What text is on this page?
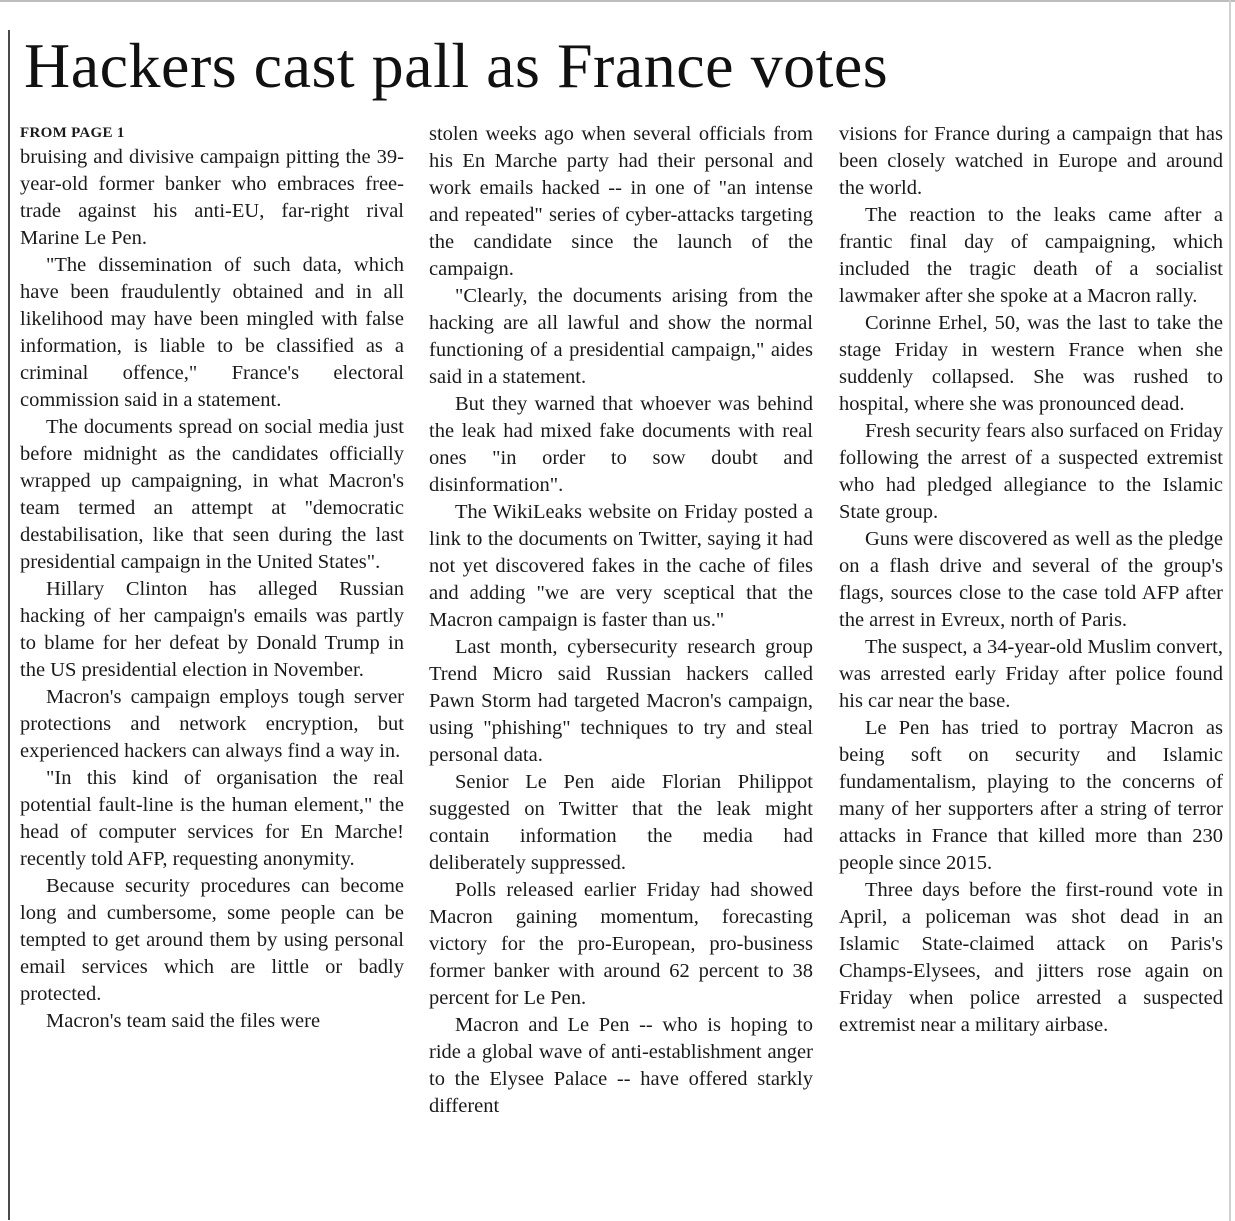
Hackers cast pall as France votes
FROM PAGE 1

bruising and divisive campaign pitting the 39-year-old former banker who embraces free-trade against his anti-EU, far-right rival Marine Le Pen.

"The dissemination of such data, which have been fraudulently obtained and in all likelihood may have been mingled with false information, is liable to be classified as a criminal offence," France's electoral commission said in a statement.

The documents spread on social media just before midnight as the candidates officially wrapped up campaigning, in what Macron's team termed an attempt at "democratic destabilisation, like that seen during the last presidential campaign in the United States".

Hillary Clinton has alleged Russian hacking of her campaign's emails was partly to blame for her defeat by Donald Trump in the US presidential election in November.

Macron's campaign employs tough server protections and network encryption, but experienced hackers can always find a way in.

"In this kind of organisation the real potential fault-line is the human element," the head of computer services for En Marche! recently told AFP, requesting anonymity.

Because security procedures can become long and cumbersome, some people can be tempted to get around them by using personal email services which are little or badly protected.

Macron's team said the files were

stolen weeks ago when several officials from his En Marche party had their personal and work emails hacked -- in one of "an intense and repeated" series of cyber-attacks targeting the candidate since the launch of the campaign.

"Clearly, the documents arising from the hacking are all lawful and show the normal functioning of a presidential campaign," aides said in a statement.

But they warned that whoever was behind the leak had mixed fake documents with real ones "in order to sow doubt and disinformation".

The WikiLeaks website on Friday posted a link to the documents on Twitter, saying it had not yet discovered fakes in the cache of files and adding "we are very sceptical that the Macron campaign is faster than us."

Last month, cybersecurity research group Trend Micro said Russian hackers called Pawn Storm had targeted Macron's campaign, using "phishing" techniques to try and steal personal data.

Senior Le Pen aide Florian Philippot suggested on Twitter that the leak might contain information the media had deliberately suppressed.

Polls released earlier Friday had showed Macron gaining momentum, forecasting victory for the pro-European, pro-business former banker with around 62 percent to 38 percent for Le Pen.

Macron and Le Pen -- who is hoping to ride a global wave of anti-establishment anger to the Elysee Palace -- have offered starkly different

visions for France during a campaign that has been closely watched in Europe and around the world.

The reaction to the leaks came after a frantic final day of campaigning, which included the tragic death of a socialist lawmaker after she spoke at a Macron rally.

Corinne Erhel, 50, was the last to take the stage Friday in western France when she suddenly collapsed. She was rushed to hospital, where she was pronounced dead.

Fresh security fears also surfaced on Friday following the arrest of a suspected extremist who had pledged allegiance to the Islamic State group.

Guns were discovered as well as the pledge on a flash drive and several of the group's flags, sources close to the case told AFP after the arrest in Evreux, north of Paris.

The suspect, a 34-year-old Muslim convert, was arrested early Friday after police found his car near the base.

Le Pen has tried to portray Macron as being soft on security and Islamic fundamentalism, playing to the concerns of many of her supporters after a string of terror attacks in France that killed more than 230 people since 2015.

Three days before the first-round vote in April, a policeman was shot dead in an Islamic State-claimed attack on Paris's Champs-Elysees, and jitters rose again on Friday when police arrested a suspected extremist near a military airbase.
